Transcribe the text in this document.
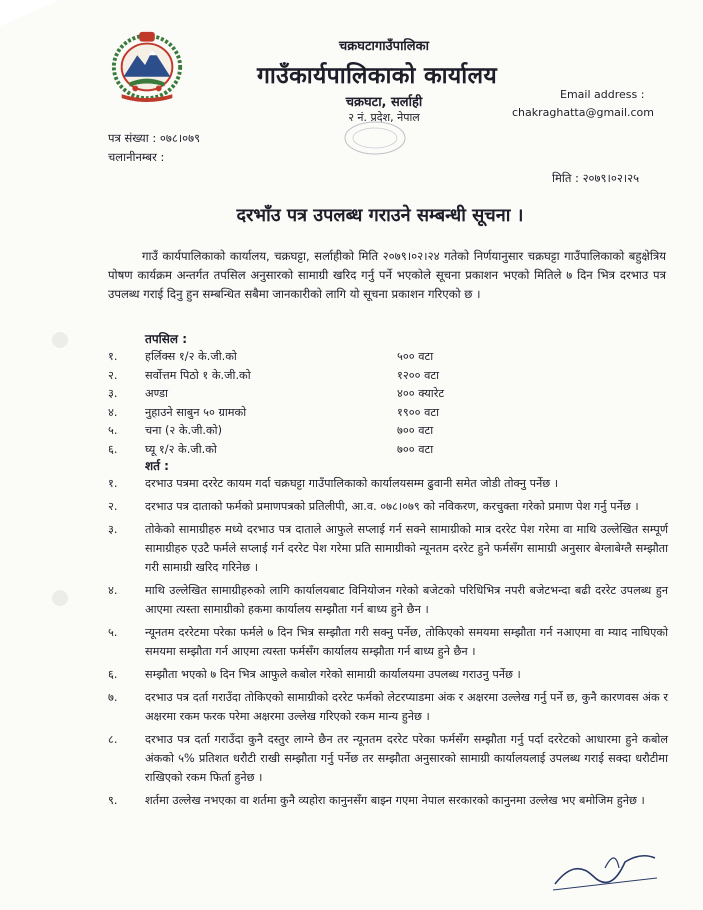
चक्रघटागाउँपालिका
गाउँकार्यपालिकाको कार्यालय
चक्रघटा, सर्लाही
२ नं. प्रदेश, नेपाल
Email address :
chakraghatta@gmail.com
पत्र संख्या : ०७८।०७९
चलानीनम्बर :
मिति : २०७९।०२।२५
दरभाँउ पत्र उपलब्ध गराउने सम्बन्धी सूचना ।

गाउँ कार्यपालिकाको कार्यालय, चक्रघट्टा, सर्लाहीको मिति २०७९।०२।२४ गतेको निर्णयानुसार चक्रघट्टा गाउँपालिकाको बहुक्षेत्रिय पोषण कार्यक्रम अन्तर्गत तपसिल अनुसारको सामाग्री खरिद गर्नु पर्ने भएकोले सूचना प्रकाशन भएको मितिले ७ दिन भित्र दरभाउ पत्र उपलब्ध गराई दिनु हुन सम्बन्धित सबैमा जानकारीको लागि यो सूचना प्रकाशन गरिएको छ ।

तपसिल :
१. हर्लिक्स १/२ के.जी.को	५०० वटा
२. सर्वोत्तम पिठो १ के.जी.को	१२०० वटा
३. अण्डा	४०० क्यारेट
४. नुहाउने साबुन ५० ग्रामको	१९०० वटा
५. चना (२ के.जी.को)	७०० वटा
६. घ्यू १/२ के.जी.को	७०० वटा
शर्त :
१. दरभाउ पत्रमा दररेट कायम गर्दा चक्रघट्टा गाउँपालिकाको कार्यालयसम्म ढुवानी समेत जोडी तोक्नु पर्नेछ ।
२. दरभाउ पत्र दाताको फर्मको प्रमाणपत्रको प्रतिलीपी, आ.व. ०७८।०७९ को नविकरण, करचुक्ता गरेको प्रमाण पेश गर्नु पर्नेछ ।
३. तोकेको सामाग्रीहरु मध्ये दरभाउ पत्र दाताले आफुले सप्लाई गर्न सक्ने सामाग्रीको मात्र दररेट पेश गरेमा वा माथि उल्लेखित सम्पूर्ण सामाग्रीहरु एउटै फर्मले सप्लाई गर्न दररेट पेश गरेमा प्रति सामाग्रीको न्यूनतम दररेट हुने फर्मसँग सामाग्री अनुसार बेग्लाबेग्लै सम्झौता गरी सामाग्री खरिद गरिनेछ ।
४. माथि उल्लेखित सामाग्रीहरुको लागि कार्यालयबाट विनियोजन गरेको बजेटको परिधिभित्र नपरी बजेटभन्दा बढी दररेट उपलब्ध हुन आएमा त्यस्ता सामाग्रीको हकमा कार्यालय सम्झौता गर्न बाध्य हुने छैन ।
५. न्यूनतम दररेटमा परेका फर्मले ७ दिन भित्र सम्झौता गरी सक्नु पर्नेछ, तोकिएको समयमा सम्झौता गर्न नआएमा वा म्याद नाघिएको समयमा सम्झौता गर्न आएमा त्यस्ता फर्मसँग कार्यालय सम्झौता गर्न बाध्य हुने छैन ।
६. सम्झौता भएको ७ दिन भित्र आफुले कबोल गरेको सामाग्री कार्यालयमा उपलब्ध गराउनु पर्नेछ ।
७. दरभाउ पत्र दर्ता गराउँदा तोकिएको सामाग्रीको दररेट फर्मको लेटरप्याडमा अंक र अक्षरमा उल्लेख गर्नु पर्ने छ, कुनै कारणवस अंक र अक्षरमा रकम फरक परेमा अक्षरमा उल्लेख गरिएको रकम मान्य हुनेछ ।
८. दरभाउ पत्र दर्ता गराउँदा कुनै दस्तुर लाग्ने छैन तर न्यूनतम दररेट परेका फर्मसँग सम्झौता गर्नु पर्दा दररेटको आधारमा हुने कबोल अंकको ५% प्रतिशत धरौटी राखी सम्झौता गर्नु पर्नेछ तर सम्झौता अनुसारको सामाग्री कार्यालयलाई उपलब्ध गराई सक्दा धरौटीमा राखिएको रकम फिर्ता हुनेछ ।
९. शर्तमा उल्लेख नभएका वा शर्तमा कुनै व्यहोरा कानुनसँग बाझ्न गएमा नेपाल सरकारको कानुनमा उल्लेख भए बमोजिम हुनेछ ।
